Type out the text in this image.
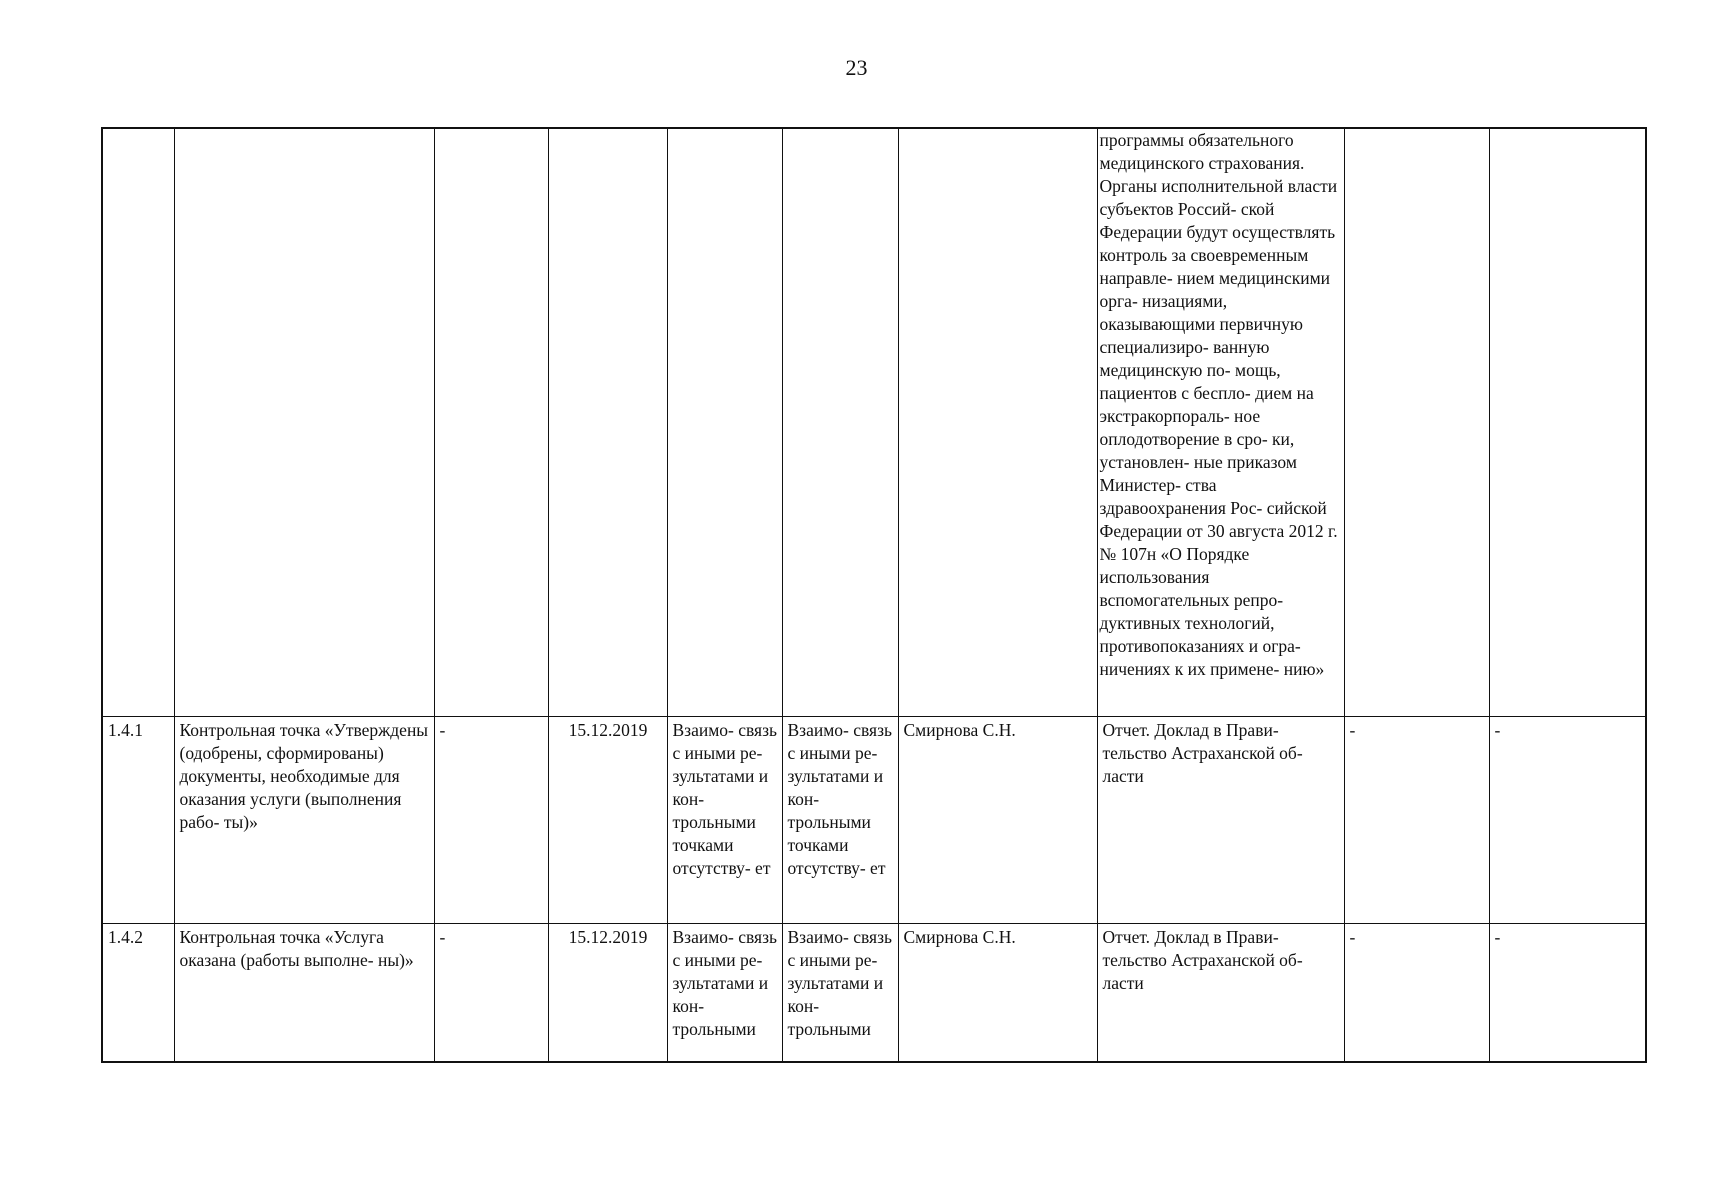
23

							программы обязательного медицинского страхования. Органы исполнительной власти субъектов Россий- ской Федерации будут осуществлять контроль за своевременным направле- нием медицинскими орга- низациями, оказывающими первичную специализиро- ванную медицинскую по- мощь, пациентов с беспло- дием на экстракорпораль- ное оплодотворение в сро- ки, установлен- ные приказом Министер- ства здравоохранения Рос- сийской Федерации от 30 августа 2012 г. № 107н «О Порядке использования вспомогательных репро- дуктивных технологий, противопоказаниях и огра- ничениях к их примене- нию»		

1.4.1	Контрольная точка «Утверждены (одобрены, сформированы) документы, необходимые для оказания услуги (выполнения рабо- ты)»	-	15.12.2019	Взаимо- связь с иными ре- зультатами и кон- трольными точками отсутству- ет	Взаимо- связь с иными ре- зультатами и кон- трольными точками отсутству- ет	Смирнова С.Н.	Отчет. Доклад в Прави- тельство Астраханской об- ласти	-	-

1.4.2	Контрольная точка «Услуга оказана (работы выполне- ны)»	-	15.12.2019	Взаимо- связь с иными ре- зультатами и кон- трольными	Взаимо- связь с иными ре- зультатами и кон- трольными	Смирнова С.Н.	Отчет. Доклад в Прави- тельство Астраханской об- ласти	-	-
